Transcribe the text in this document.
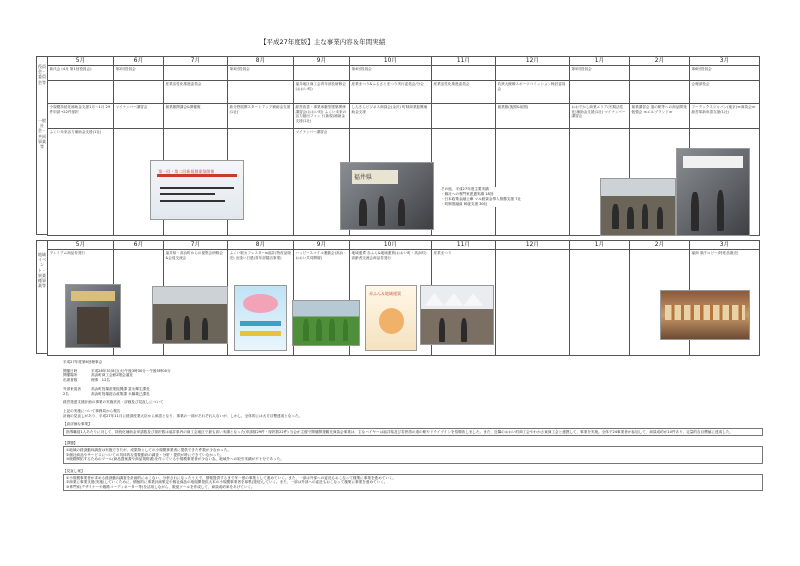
【平成27年度版】主な事業内容＆年間実績
役員会・委員会等
一般社会・共同事業等
5月	6月	7月	8月	9月	10月	11月	12月	1月	2月	3月
新代会 (4月 第1回役員会)	第2回役員会		第3回役員会		第4回役員会			第5回役員会		第6回役員会
		産業活性化推進委員会		福井地区商工会青年部長研修会(おおい町)	産業まつり&ふるさとまつり実行委員会/分会	産業活性化推進委員会	若狭大飯郷スポーツコミッション検討委員会			会報部役会
小規模持続化補助金支援1月～1月 29件申請→22件採択	マイナンバー講習会	創業塾開講会&開催報	新分野展開スタートアップ補助金支援(1社)	経営改善・事業承継型建築関係講習会(おおい町) ふくい未来の活力創出ファンド(新規)補助金支援(1社)	しんきんビジネス商談会(金沢) 町制商業振興補助金支援		創業塾(後期&前期)	おおでかし商業エリア(冬期活性化)補助金支援(1社) マイナンバー講習会	創業講習会 道の駅等への商品開発勉強会 ≪エルブランド≫	フーデックスジャパン(東京)≪商談会≫ 経営革新申請支援(1社)
ふくい未来活力補助金支援(1社)				マイナンバー講習会						
第一回・第二回新規創業塾開催
福井県
その他、平成27年度主要実績
・個社への専門家派遣実績 18回
・日本政策金融公庫 マル経資金導入推薦支援 7社
・町制度融資 斡旋支援 30社
地域イベント・異業種事業等
5月	6月	7月	8月	9月	10月	11月	12月	1月	2月	3月
プレミアム商品券発行		福井県・高浜町からの視察会研修会&会員交流会	ふくい駅カフェスタ~in福井(特産品販売) 出逢い日感(青年部婚活事業)	ハッピースマイル運動会(高浜・おおい共同開催)	地域通貨 赤ふん&地域運賃(おおい町・高浜町) 高齢者交流会商品券発行	産業まつり				福商 県庁ロビー(特産品販売)
赤ふん＆地域運賃
平成27年度第6回理事会
開催日時	平成28年3月8日(火)午後3時30分～午後5時00分
開催場所	高浜町商工会館2階会議室
出席者数	理事　12名
外部来賓者	高浜町役場産業振興課 富永輝生課長
2名	高浜町役場総合政策課 永橋義己課長
経営発達支援計画の事業の実施状況・評価及び見直しについて
上記の実施について事務局から報告
計画の見直しがあり、平成27年11月に経済産業大臣から承認となり、事業の一部がそれぞれ人ないが、しかし、全体的には大方目標達成となった。
【高評価な事業】
指導職員1人あたりに対して、持続化補助金申請数及び採択数は福井県内の商工会地区で最も高い実績となった(申請数29件・採択数22件) 当会が主催で開催開発観光商談会事業は、主なバイヤーは福井県及び若狭湾の道の駅やドライブインを招聘致しました。また、近隣のおおい町商工会やわかさ東商工会と連携して、事業を実施。全体で24事業者が参加して、商談成約が10件あり、定量的な目標値に達成した。
【課題】
①地域の経済動向調査は実施できたが、成果物としての小規模事業者に提供できた件数が少なかった。
②個社商品やサービスについての具体的な需要動向の調査・分析・提供が時にできていなかった。
③販路開拓するためのツール(商品提案書や商品規格書)を作っている小規模事業者が少ない為、地域外への取引実績が不十分であった。
【見直し案】
①小規模事業者が求める経済動向調査を計画的におこない、分析されになったうえで、情報提供するまで年一度の事業として進めていく。また、一部は外部への委託もおこなって様策に事業を進めていく。
②商業に事業支援(実施)していくために、積極的に事業計画策定や個社商品の取組開発拡大本の小規模事業者を募集(発信)していく。また、一部は外部への委託もおこなって様策に事業を進めていく。
③専門家(デザイナーや販路コーディネーター等)を活用しながら、販促ツールを作成して、商談成約率をあげていく。
